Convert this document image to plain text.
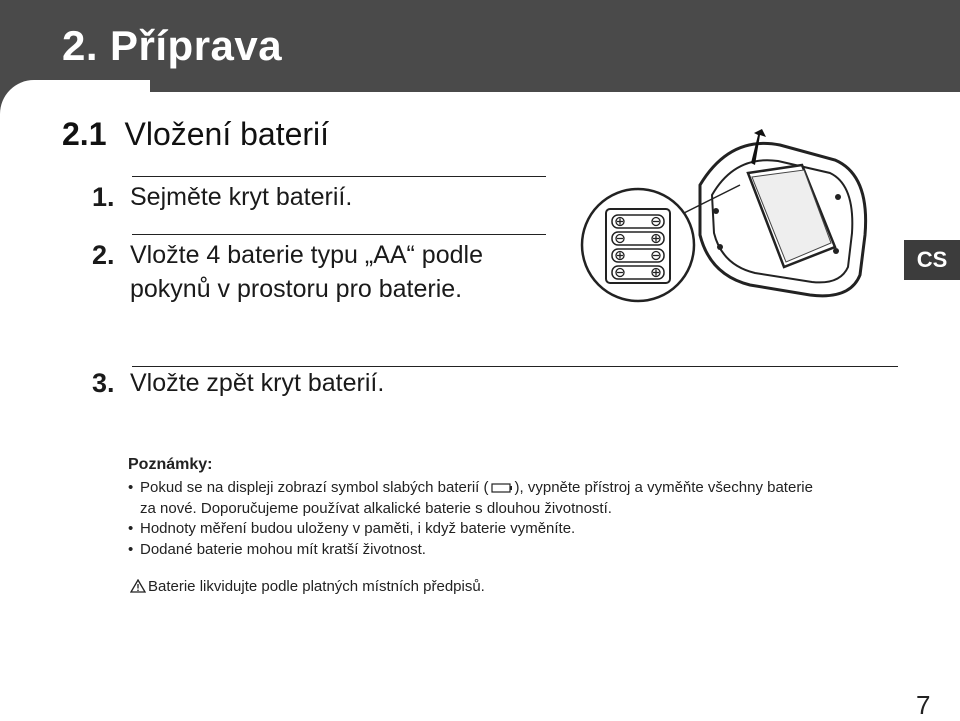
2. Příprava
2.1 Vložení baterií
1. Sejměte kryt baterií.
2. Vložte 4 baterie typu „AA“ podle pokynů v prostoru pro baterie.
3. Vložte zpět kryt baterií.
CS
Poznámky:
• Pokud se na displeji zobrazí symbol slabých baterií ( ), vypněte přístroj a vyměňte všechny baterie
za nové. Doporučujeme používat alkalické baterie s dlouhou životností.
• Hodnoty měření budou uloženy v paměti, i když baterie vyměníte.
• Dodané baterie mohou mít kratší životnost.
Baterie likvidujte podle platných místních předpisů.
7
